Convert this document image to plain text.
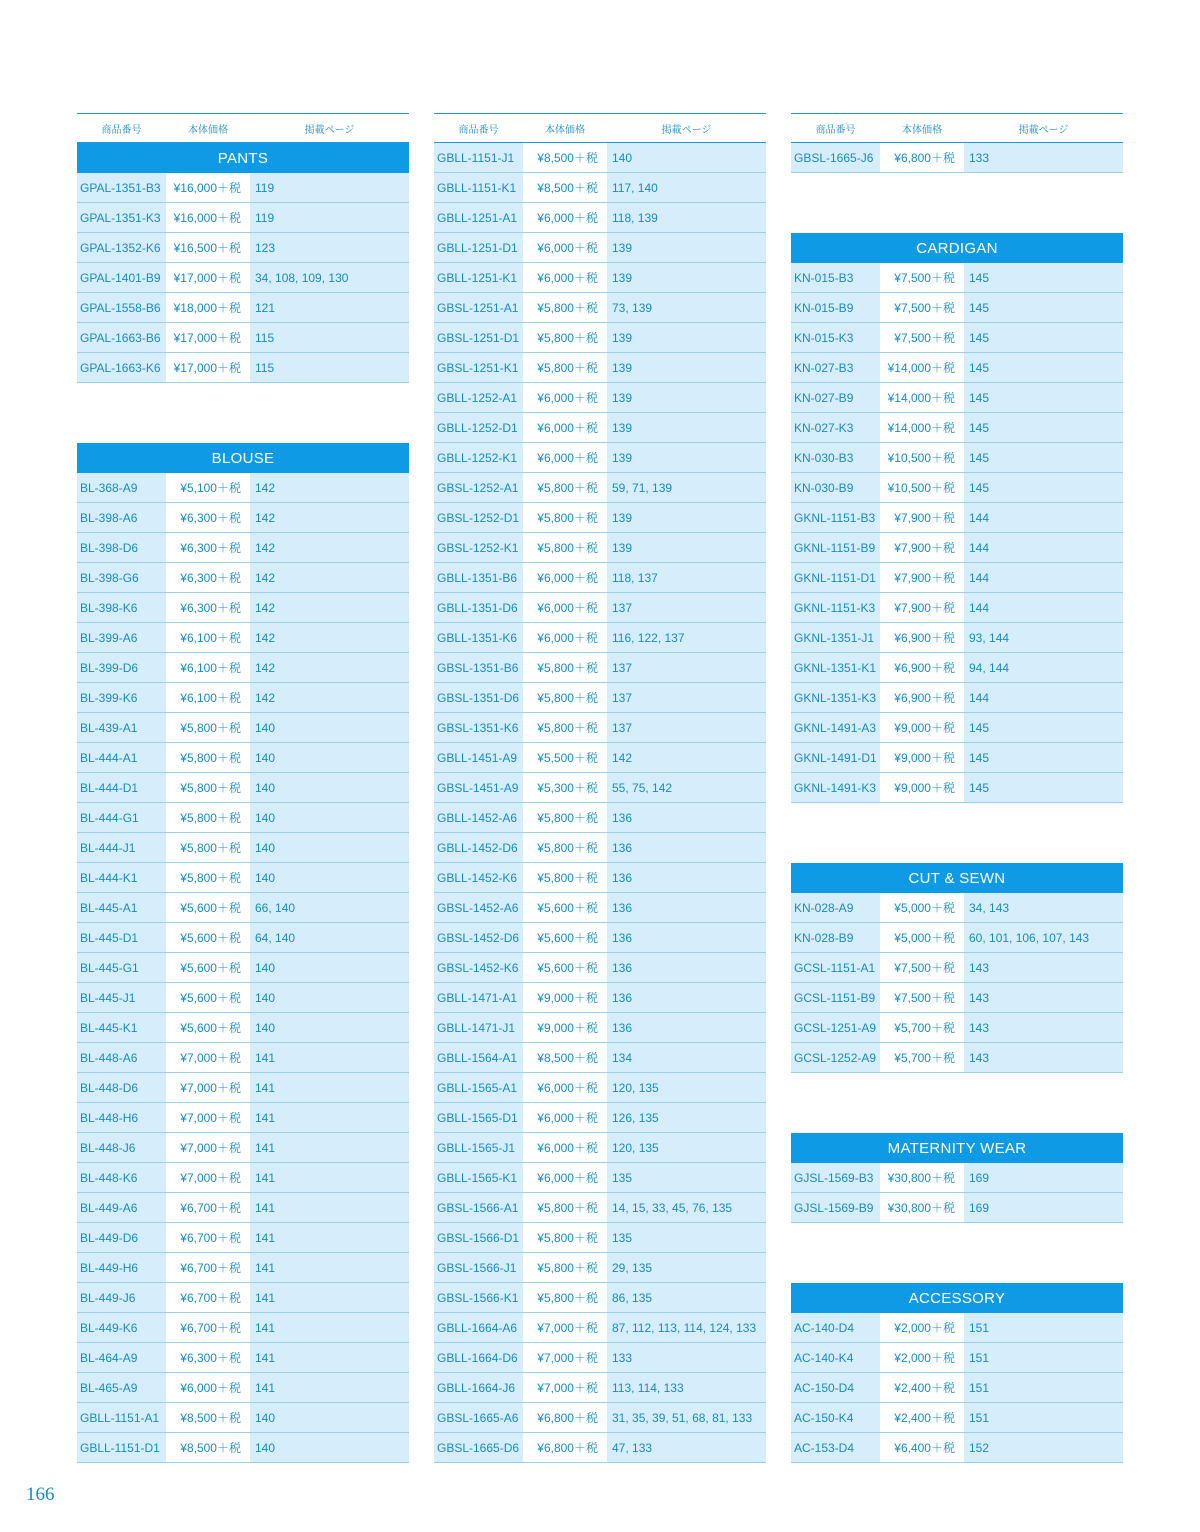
商品番号	本体価格	掲載ページ
PANTS
GPAL-1351-B3	¥16,000＋税	119
GPAL-1351-K3	¥16,000＋税	119
GPAL-1352-K6	¥16,500＋税	123
GPAL-1401-B9	¥17,000＋税	34, 108, 109, 130
GPAL-1558-B6	¥18,000＋税	121
GPAL-1663-B6	¥17,000＋税	115
GPAL-1663-K6	¥17,000＋税	115
BLOUSE
BL-368-A9	¥5,100＋税	142
BL-398-A6	¥6,300＋税	142
BL-398-D6	¥6,300＋税	142
BL-398-G6	¥6,300＋税	142
BL-398-K6	¥6,300＋税	142
BL-399-A6	¥6,100＋税	142
BL-399-D6	¥6,100＋税	142
BL-399-K6	¥6,100＋税	142
BL-439-A1	¥5,800＋税	140
BL-444-A1	¥5,800＋税	140
BL-444-D1	¥5,800＋税	140
BL-444-G1	¥5,800＋税	140
BL-444-J1	¥5,800＋税	140
BL-444-K1	¥5,800＋税	140
BL-445-A1	¥5,600＋税	66, 140
BL-445-D1	¥5,600＋税	64, 140
BL-445-G1	¥5,600＋税	140
BL-445-J1	¥5,600＋税	140
BL-445-K1	¥5,600＋税	140
BL-448-A6	¥7,000＋税	141
BL-448-D6	¥7,000＋税	141
BL-448-H6	¥7,000＋税	141
BL-448-J6	¥7,000＋税	141
BL-448-K6	¥7,000＋税	141
BL-449-A6	¥6,700＋税	141
BL-449-D6	¥6,700＋税	141
BL-449-H6	¥6,700＋税	141
BL-449-J6	¥6,700＋税	141
BL-449-K6	¥6,700＋税	141
BL-464-A9	¥6,300＋税	141
BL-465-A9	¥6,000＋税	141
GBLL-1151-A1	¥8,500＋税	140
GBLL-1151-D1	¥8,500＋税	140
商品番号	本体価格	掲載ページ
GBLL-1151-J1	¥8,500＋税	140
GBLL-1151-K1	¥8,500＋税	117, 140
GBLL-1251-A1	¥6,000＋税	118, 139
GBLL-1251-D1	¥6,000＋税	139
GBLL-1251-K1	¥6,000＋税	139
GBSL-1251-A1	¥5,800＋税	73, 139
GBSL-1251-D1	¥5,800＋税	139
GBSL-1251-K1	¥5,800＋税	139
GBLL-1252-A1	¥6,000＋税	139
GBLL-1252-D1	¥6,000＋税	139
GBLL-1252-K1	¥6,000＋税	139
GBSL-1252-A1	¥5,800＋税	59, 71, 139
GBSL-1252-D1	¥5,800＋税	139
GBSL-1252-K1	¥5,800＋税	139
GBLL-1351-B6	¥6,000＋税	118, 137
GBLL-1351-D6	¥6,000＋税	137
GBLL-1351-K6	¥6,000＋税	116, 122, 137
GBSL-1351-B6	¥5,800＋税	137
GBSL-1351-D6	¥5,800＋税	137
GBSL-1351-K6	¥5,800＋税	137
GBLL-1451-A9	¥5,500＋税	142
GBSL-1451-A9	¥5,300＋税	55, 75, 142
GBLL-1452-A6	¥5,800＋税	136
GBLL-1452-D6	¥5,800＋税	136
GBLL-1452-K6	¥5,800＋税	136
GBSL-1452-A6	¥5,600＋税	136
GBSL-1452-D6	¥5,600＋税	136
GBSL-1452-K6	¥5,600＋税	136
GBLL-1471-A1	¥9,000＋税	136
GBLL-1471-J1	¥9,000＋税	136
GBLL-1564-A1	¥8,500＋税	134
GBLL-1565-A1	¥6,000＋税	120, 135
GBLL-1565-D1	¥6,000＋税	126, 135
GBLL-1565-J1	¥6,000＋税	120, 135
GBLL-1565-K1	¥6,000＋税	135
GBSL-1566-A1	¥5,800＋税	14, 15, 33, 45, 76, 135
GBSL-1566-D1	¥5,800＋税	135
GBSL-1566-J1	¥5,800＋税	29, 135
GBSL-1566-K1	¥5,800＋税	86, 135
GBLL-1664-A6	¥7,000＋税	87, 112, 113, 114, 124, 133
GBLL-1664-D6	¥7,000＋税	133
GBLL-1664-J6	¥7,000＋税	113, 114, 133
GBSL-1665-A6	¥6,800＋税	31, 35, 39, 51, 68, 81, 133
GBSL-1665-D6	¥6,800＋税	47, 133
商品番号	本体価格	掲載ページ
GBSL-1665-J6	¥6,800＋税	133
CARDIGAN
KN-015-B3	¥7,500＋税	145
KN-015-B9	¥7,500＋税	145
KN-015-K3	¥7,500＋税	145
KN-027-B3	¥14,000＋税	145
KN-027-B9	¥14,000＋税	145
KN-027-K3	¥14,000＋税	145
KN-030-B3	¥10,500＋税	145
KN-030-B9	¥10,500＋税	145
GKNL-1151-B3	¥7,900＋税	144
GKNL-1151-B9	¥7,900＋税	144
GKNL-1151-D1	¥7,900＋税	144
GKNL-1151-K3	¥7,900＋税	144
GKNL-1351-J1	¥6,900＋税	93, 144
GKNL-1351-K1	¥6,900＋税	94, 144
GKNL-1351-K3	¥6,900＋税	144
GKNL-1491-A3	¥9,000＋税	145
GKNL-1491-D1	¥9,000＋税	145
GKNL-1491-K3	¥9,000＋税	145
CUT & SEWN
KN-028-A9	¥5,000＋税	34, 143
KN-028-B9	¥5,000＋税	60, 101, 106, 107, 143
GCSL-1151-A1	¥7,500＋税	143
GCSL-1151-B9	¥7,500＋税	143
GCSL-1251-A9	¥5,700＋税	143
GCSL-1252-A9	¥5,700＋税	143
MATERNITY WEAR
GJSL-1569-B3	¥30,800＋税	169
GJSL-1569-B9	¥30,800＋税	169
ACCESSORY
AC-140-D4	¥2,000＋税	151
AC-140-K4	¥2,000＋税	151
AC-150-D4	¥2,400＋税	151
AC-150-K4	¥2,400＋税	151
AC-153-D4	¥6,400＋税	152
166
